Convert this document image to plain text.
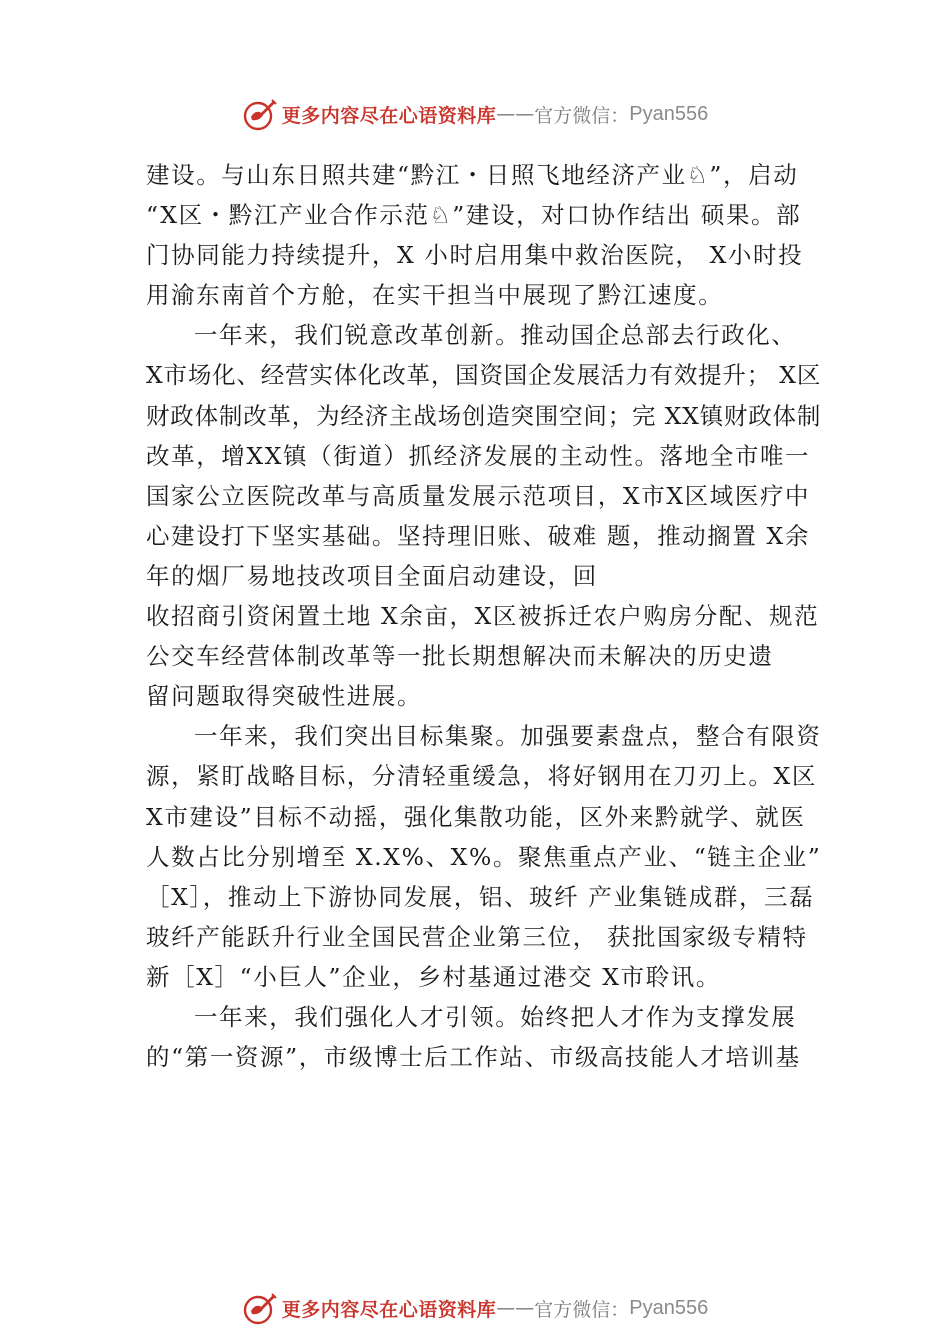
更多内容尽在心语资料库 —— 官方微信： Pyan556
建设。与山东日照共建“黔江・日照飞地经济产业♘”，启动
“X区・黔江产业合作示范♘”建设，对口协作结出 硕果。部
门协同能力持续提升，X 小时启用集中救治医院， X小时投
用渝东南首个方舱，在实干担当中展现了黔江速度。
一年来，我们锐意改革创新。推动国企总部去行政化、
X市场化、经营实体化改革，国资国企发展活力有效提升； X区
财政体制改革，为经济主战场创造突围空间；完 XX镇财政体制
改革，增XX镇（街道）抓经济发展的主动性。落地全市唯一
国家公立医院改革与高质量发展示范项目，X市X区域医疗中
心建设打下坚实基础。坚持理旧账、破难 题，推动搁置 X余
年的烟厂易地技改项目全面启动建设，回
收招商引资闲置土地 X余亩，X区被拆迁农户购房分配、规范
公交车经营体制改革等一批长期想解决而未解决的历史遗
留问题取得突破性进展。
一年来，我们突出目标集聚。加强要素盘点，整合有限资
源，紧盯战略目标，分清轻重缓急，将好钢用在刀刃上。X区
X市建设”目标不动摇，强化集散功能，区外来黔就学、就医
人数占比分别增至 X.X%、X%。聚焦重点产业、“链主企业”
［X］，推动上下游协同发展，铝、玻纤 产业集链成群，三磊
玻纤产能跃升行业全国民营企业第三位， 获批国家级专精特
新［X］“小巨人”企业，乡村基通过港交 X市聆讯。
一年来，我们强化人才引领。始终把人才作为支撑发展
的“第一资源”，市级博士后工作站、市级高技能人才培训基
更多内容尽在心语资料库 —— 官方微信： Pyan556
